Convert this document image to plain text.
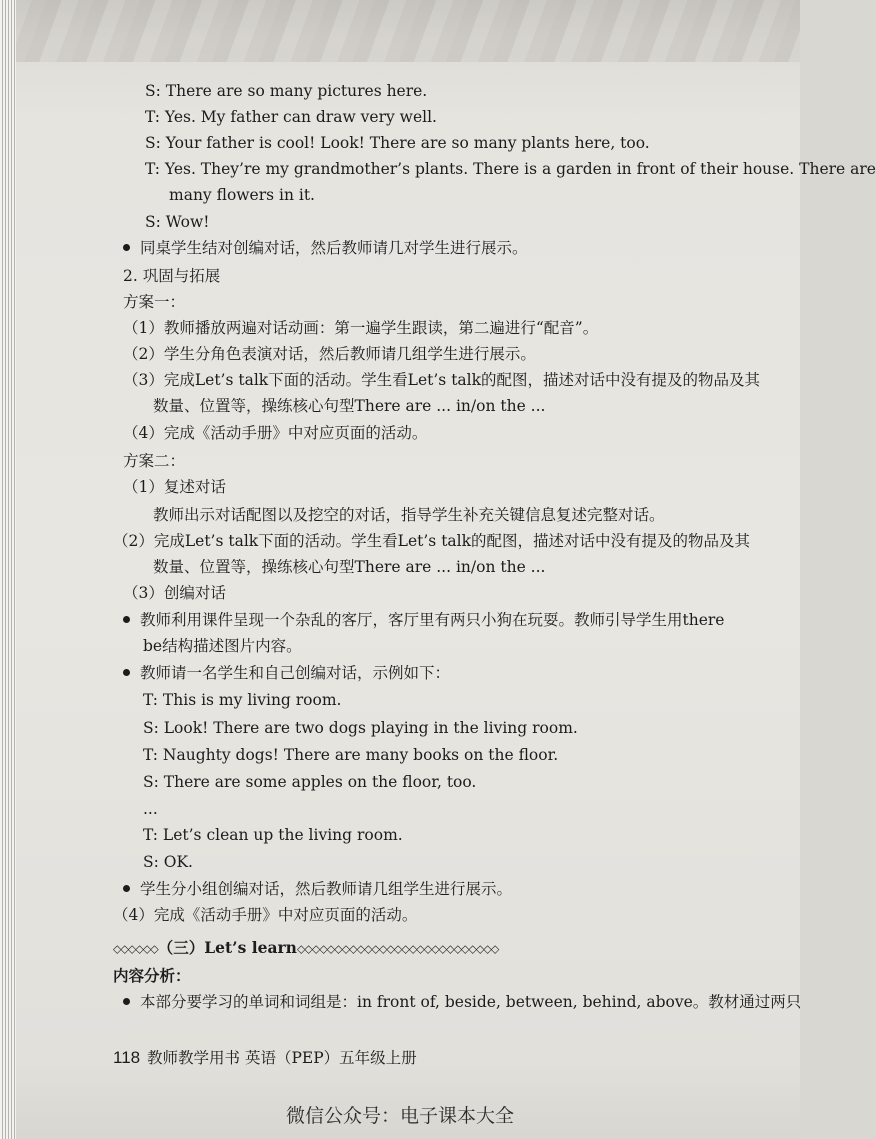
◇◇◇◇◇◇（三）Let’s learn◇◇◇◇◇◇◇◇◇◇◇◇◇◇◇◇◇◇◇◇◇◇◇◇◇◇◇
内容分析：
本部分要学习的单词和词组是：in front of, beside, between, behind, above。教材通过两只
S: There are so many pictures here.
T: Yes. My father can draw very well.
S: Your father is cool! Look! There are so many plants here, too.
T: Yes. They’re my grandmother’s plants. There is a garden in front of their house. There are
many flowers in it.
S: Wow!
同桌学生结对创编对话，然后教师请几对学生进行展示。
2. 巩固与拓展
方案一：
（1）教师播放两遍对话动画：第一遍学生跟读，第二遍进行“配音”。
（2）学生分角色表演对话，然后教师请几组学生进行展示。
（3）完成Let’s talk下面的活动。学生看Let’s talk的配图，描述对话中没有提及的物品及其
数量、位置等，操练核心句型There are ... in/on the ...
（4）完成《活动手册》中对应页面的活动。
方案二：
（1）复述对话
教师出示对话配图以及挖空的对话，指导学生补充关键信息复述完整对话。
（2）完成Let’s talk下面的活动。学生看Let’s talk的配图，描述对话中没有提及的物品及其
数量、位置等，操练核心句型There are ... in/on the ...
（3）创编对话
教师利用课件呈现一个杂乱的客厅，客厅里有两只小狗在玩耍。教师引导学生用there
be结构描述图片内容。
教师请一名学生和自己创编对话，示例如下：
T: This is my living room.
S: Look! There are two dogs playing in the living room.
T: Naughty dogs! There are many books on the floor.
S: There are some apples on the floor, too.
...
T: Let’s clean up the living room.
S: OK.
学生分小组创编对话，然后教师请几组学生进行展示。
（4）完成《活动手册》中对应页面的活动。
118 教师教学用书 英语（PEP）五年级上册
微信公众号：电子课本大全
